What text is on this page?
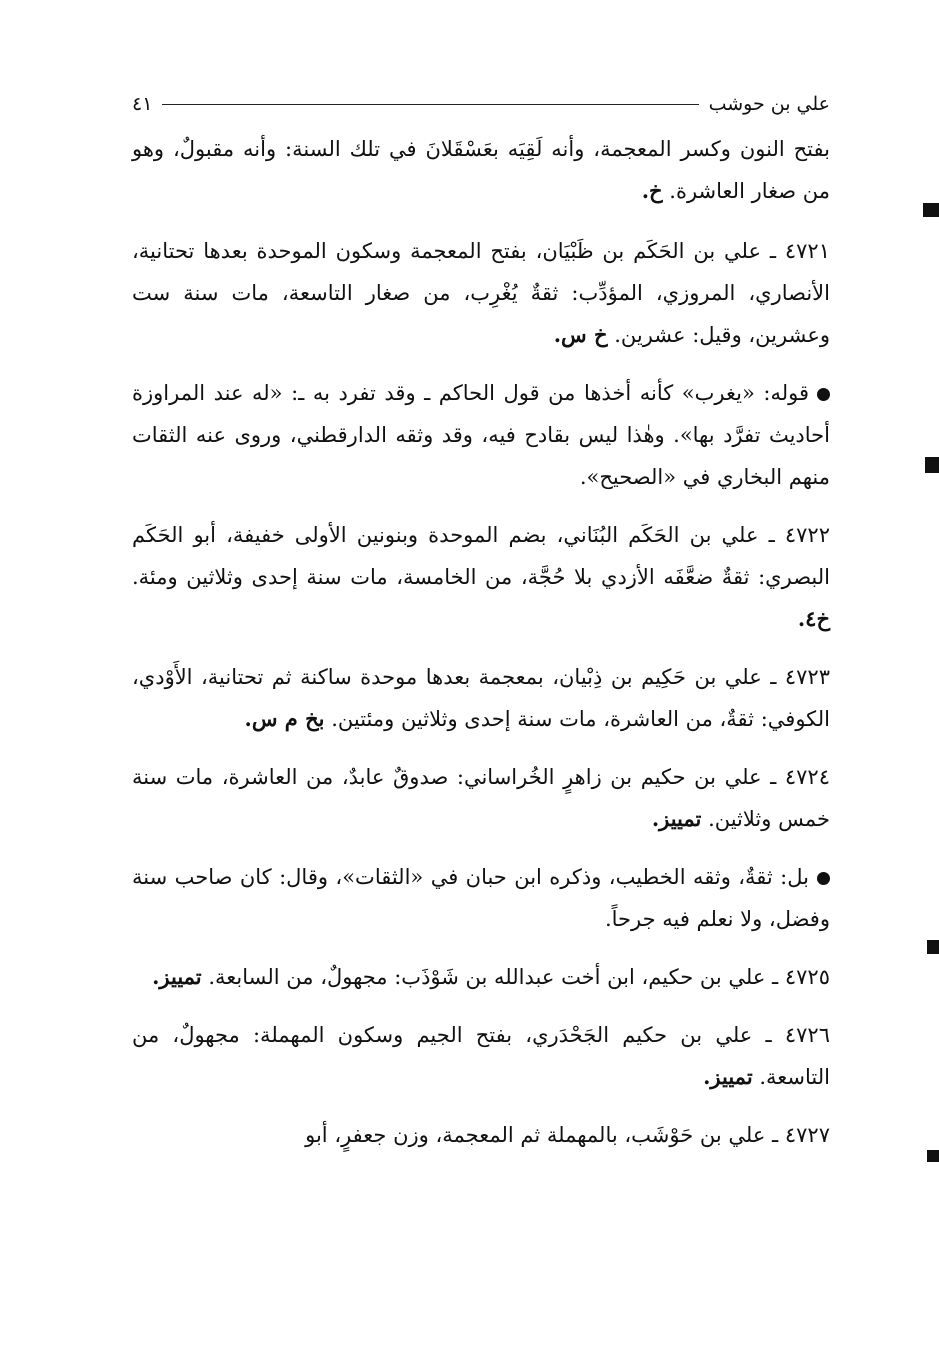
علي بن حوشب
٤١

بفتح النون وكسر المعجمة، وأنه لَقِيَه بعَسْقَلانَ في تلك السنة: وأنه مقبولٌ، وهو من صغار العاشرة. خ.

٤٧٢١ ـ علي بن الحَكَم بن ظَبْيَان، بفتح المعجمة وسكون الموحدة بعدها تحتانية، الأنصاري، المروزي، المؤدِّب: ثقةٌ يُغْرِب، من صغار التاسعة، مات سنة ست وعشرين، وقيل: عشرين. خ س.

قوله: «يغرب» كأنه أخذها من قول الحاكم ـ وقد تفرد به ـ: «له عند المراوزة أحاديث تفرَّد بها». وهٰذا ليس بقادح فيه، وقد وثقه الدارقطني، وروى عنه الثقات منهم البخاري في «الصحيح».

٤٧٢٢ ـ علي بن الحَكَم البُنَاني، بضم الموحدة وبنونين الأولى خفيفة، أبو الحَكَم البصري: ثقةٌ ضعَّفَه الأزدي بلا حُجَّة، من الخامسة، مات سنة إحدى وثلاثين ومئة. خ٤.

٤٧٢٣ ـ علي بن حَكِيم بن ذِبْيان، بمعجمة بعدها موحدة ساكنة ثم تحتانية، الأَوْدي، الكوفي: ثقةٌ، من العاشرة، مات سنة إحدى وثلاثين ومئتين. بخ م س.

٤٧٢٤ ـ علي بن حكيم بن زاهرٍ الخُراساني: صدوقٌ عابدٌ، من العاشرة، مات سنة خمس وثلاثين. تمييز.

بل: ثقةٌ، وثقه الخطيب، وذكره ابن حبان في «الثقات»، وقال: كان صاحب سنة وفضل، ولا نعلم فيه جرحاً.

٤٧٢٥ ـ علي بن حكيم، ابن أخت عبدالله بن شَوْذَب: مجهولٌ، من السابعة. تمييز.

٤٧٢٦ ـ علي بن حكيم الجَحْدَري، بفتح الجيم وسكون المهملة: مجهولٌ، من التاسعة. تمييز.

٤٧٢٧ ـ علي بن حَوْشَب، بالمهملة ثم المعجمة، وزن جعفرٍ، أبو
